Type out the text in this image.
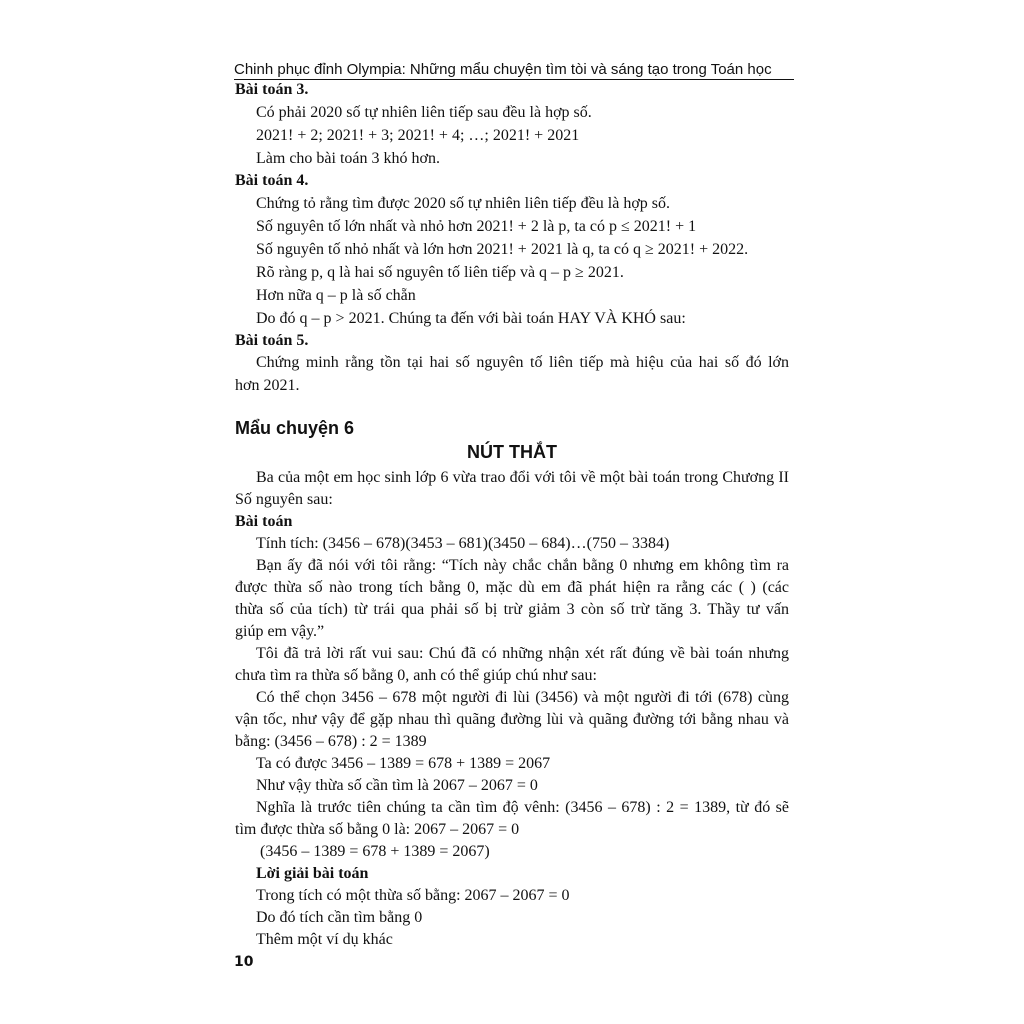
Chinh phục đỉnh Olympia: Những mẩu chuyện tìm tòi và sáng tạo trong Toán học
Bài toán 3.
Có phải 2020 số tự nhiên liên tiếp sau đều là hợp số.
2021! + 2; 2021! + 3; 2021! + 4; …; 2021! + 2021
Làm cho bài toán 3 khó hơn.
Bài toán 4.
Chứng tỏ rằng tìm được 2020 số tự nhiên liên tiếp đều là hợp số.
Số nguyên tố lớn nhất và nhỏ hơn 2021! + 2 là p, ta có p ≤ 2021! + 1
Số nguyên tố nhỏ nhất và lớn hơn 2021! + 2021 là q, ta có q ≥ 2021! + 2022.
Rõ ràng p, q là hai số nguyên tố liên tiếp và q – p ≥ 2021.
Hơn nữa q – p là số chẵn
Do đó q – p > 2021. Chúng ta đến với bài toán HAY VÀ KHÓ sau:
Bài toán 5.
Chứng minh rằng tồn tại hai số nguyên tố liên tiếp mà hiệu của hai số đó lớn
hơn 2021.
Mẩu chuyện 6
NÚT THẮT
Ba của một em học sinh lớp 6 vừa trao đổi với tôi về một bài toán trong Chương II
Số nguyên sau:
Bài toán
Tính tích: (3456 – 678)(3453 – 681)(3450 – 684)…(750 – 3384)
Bạn ấy đã nói với tôi rằng: “Tích này chắc chắn bằng 0 nhưng em không tìm ra
được thừa số nào trong tích bằng 0, mặc dù em đã phát hiện ra rằng các ( ) (các
thừa số của tích) từ trái qua phải số bị trừ giảm 3 còn số trừ tăng 3. Thầy tư vấn
giúp em vậy.”
Tôi đã trả lời rất vui sau: Chú đã có những nhận xét rất đúng về bài toán nhưng
chưa tìm ra thừa số bằng 0, anh có thể giúp chú như sau:
Có thể chọn 3456 – 678 một người đi lùi (3456) và một người đi tới (678) cùng
vận tốc, như vậy để gặp nhau thì quãng đường lùi và quãng đường tới bằng nhau và
bằng: (3456 – 678) : 2 = 1389
Ta có được 3456 – 1389 = 678 + 1389 = 2067
Như vậy thừa số cần tìm là 2067 – 2067 = 0
Nghĩa là trước tiên chúng ta cần tìm độ vênh: (3456 – 678) : 2 = 1389, từ đó sẽ
tìm được thừa số bằng 0 là: 2067 – 2067 = 0
(3456 – 1389 = 678 + 1389 = 2067)
Lời giải bài toán
Trong tích có một thừa số bằng: 2067 – 2067 = 0
Do đó tích cần tìm bằng 0
Thêm một ví dụ khác
10
